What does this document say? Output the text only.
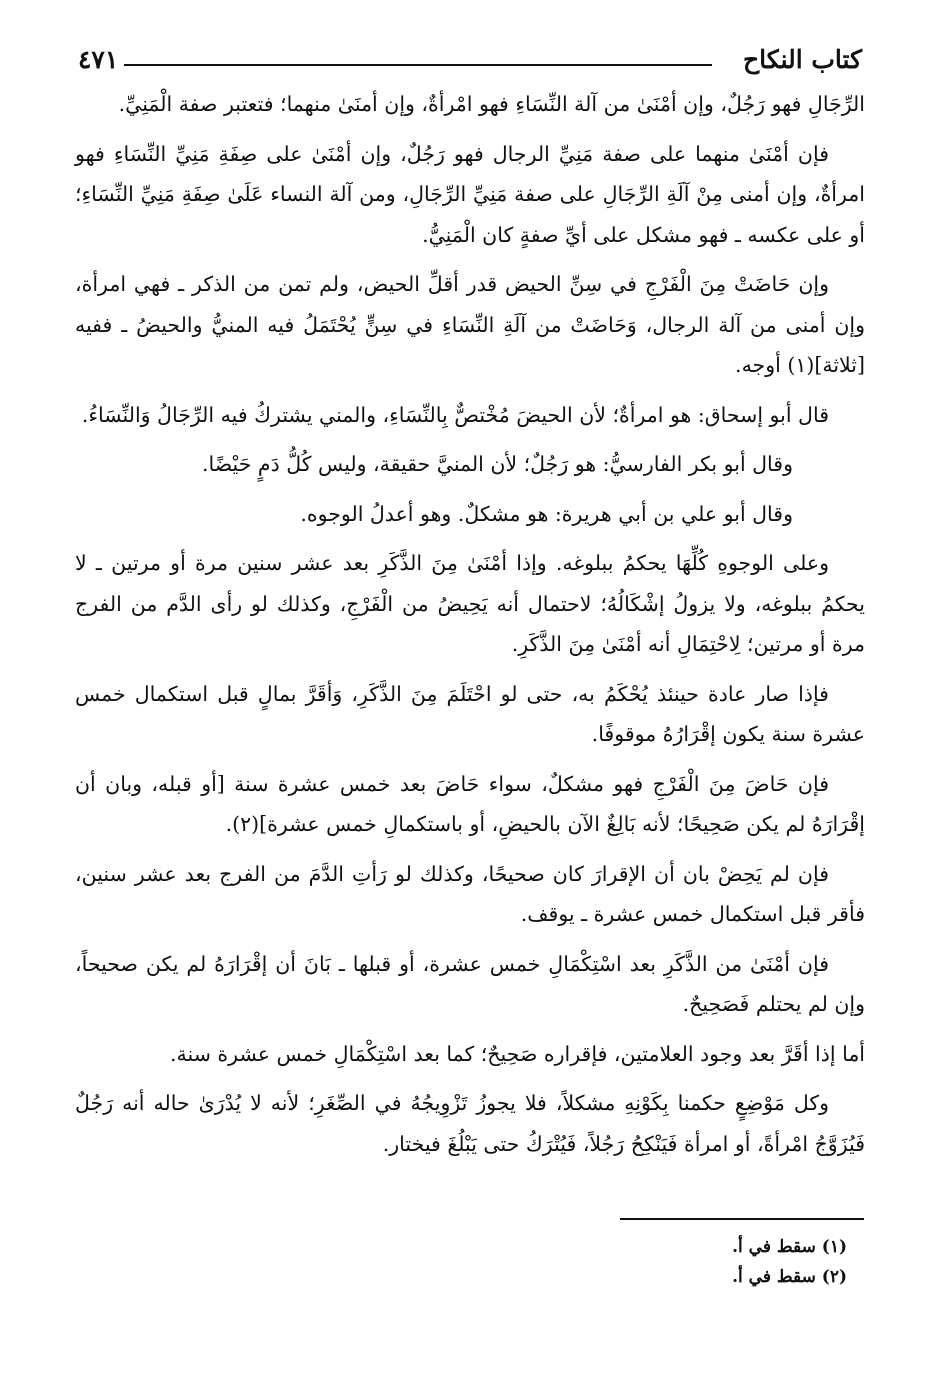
كتاب النكاح
٤٧١

الرِّجَالِ فهو رَجُلٌ، وإن أمْنَىٰ من آلة النِّسَاءِ فهو امْرأةٌ، وإن أمنَىٰ منهما؛ فتعتبر صفة الْمَنِيِّ.

فإن أمْنَىٰ منهما على صفة مَنِيِّ الرجال فهو رَجُلٌ، وإن أمْنَىٰ على صِفَةِ مَنِيِّ النِّسَاءِ فهو امرأةٌ، وإن أمنى مِنْ آلَةِ الرِّجَالِ على صفة مَنِيِّ الرِّجَالِ، ومن آلة النساء عَلَىٰ صِفَةِ مَنِيِّ النِّسَاءِ؛ أو على عكسه ـ فهو مشكل على أيِّ صفةٍ كان الْمَنِيُّ.

وإن حَاضَتْ مِنَ الْفَرْجِ في سِنِّ الحيض قدر أقلِّ الحيض، ولم تمن من الذكر ـ فهي امرأة، وإن أمنى من آلة الرجال، وَحَاضَتْ من آلَةِ النِّسَاءِ في سِنٍّ يُحْتَمَلُ فيه المنيُّ والحيضُ ـ ففيه [ثلاثة](١) أوجه.

قال أبو إسحاق: هو امرأةٌ؛ لأن الحيضَ مُخْتصٌّ بِالنِّسَاءِ، والمني يشتركُ فيه الرِّجَالُ وَالنِّسَاءُ.

وقال أبو بكر الفارسيُّ: هو رَجُلٌ؛ لأن المنيَّ حقيقة، وليس كُلُّ دَمٍ حَيْضًا.

وقال أبو علي بن أبي هريرة: هو مشكلٌ. وهو أعدلُ الوجوه.

وعلى الوجوهِ كُلِّهَا يحكمُ ببلوغه. وإذا أمْنَىٰ مِنَ الذَّكَرِ بعد عشر سنين مرة أو مرتين ـ لا يحكمُ ببلوغه، ولا يزولُ إشْكَالُهُ؛ لاحتمال أنه يَحِيضُ من الْفَرْجِ، وكذلك لو رأى الدَّم من الفرج مرة أو مرتين؛ لِاحْتِمَالِ أنه أمْنَىٰ مِنَ الذَّكَرِ.

فإذا صار عادة حينئذ يُحْكَمُ به، حتى لو احْتَلَمَ مِنَ الذَّكَرِ، وَأقَرَّ بمالٍ قبل استكمال خمس عشرة سنة يكون إقْرَارُهُ موقوفًا.

فإن حَاضَ مِنَ الْفَرْجِ فهو مشكلٌ، سواء حَاضَ بعد خمس عشرة سنة [أو قبله، وبان أن إقْرَارَهُ لم يكن صَحِيحًا؛ لأنه بَالِغٌ الآن بالحيضِ، أو باستكمالِ خمس عشرة](٢).

فإن لم يَحِضْ بان أن الإقرارَ كان صحيحًا، وكذلك لو رَأتِ الدَّمَ من الفرج بعد عشر سنين، فأقر قبل استكمال خمس عشرة ـ يوقف.

فإن أمْنَىٰ من الذَّكَرِ بعد اسْتِكْمَالِ خمس عشرة، أو قبلها ـ بَانَ أن إقْرَارَهُ لم يكن صحيحاً، وإن لم يحتلم فَصَحِيحٌ.

أما إذا أقَرَّ بعد وجود العلامتين، فإقراره صَحِيحٌ؛ كما بعد اسْتِكْمَالِ خمس عشرة سنة.

وكل مَوْضِعٍ حكمنا بِكَوْنِهِ مشكلاً، فلا يجوزُ تَزْوِيجُهُ في الصِّغَرِ؛ لأنه لا يُدْرَىٰ حاله أنه رَجُلٌ فَيُزَوَّجُ امْرأةً، أو امرأة فَيَنْكِحُ رَجُلاً، فَيُتْرَكُ حتى يَبْلُغَ فيختار.

(١) سقط في أ.

(٢) سقط في أ.
